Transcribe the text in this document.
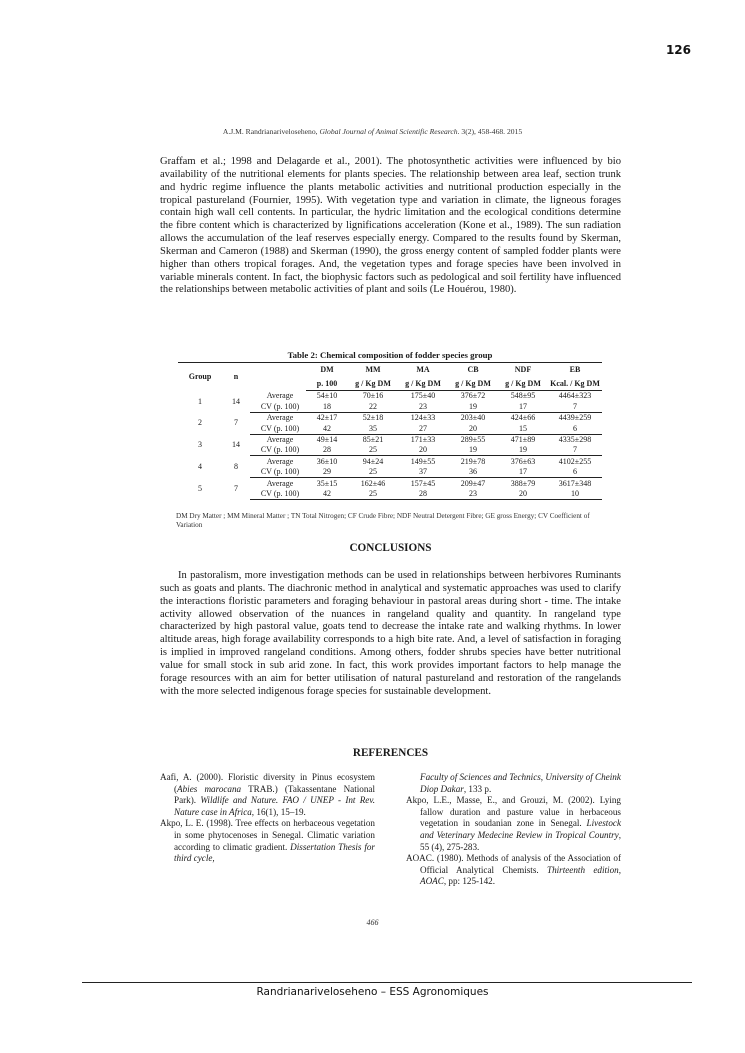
126
A.J.M. Randrianariveloseheno, Global Journal of Animal Scientific Research. 3(2), 458-468. 2015
Graffam et al.; 1998 and Delagarde et al., 2001). The photosynthetic activities were influenced by bio availability of the nutritional elements for plants species. The relationship between area leaf, section trunk and hydric regime influence the plants metabolic activities and nutritional production especially in the tropical pastureland (Fournier, 1995). With vegetation type and variation in climate, the ligneous forages contain high wall cell contents. In particular, the hydric limitation and the ecological conditions determine the fibre content which is characterized by lignifications acceleration (Kone et al., 1989). The sun radiation allows the accumulation of the leaf reserves especially energy. Compared to the results found by Skerman, Skerman and Cameron (1988) and Skerman (1990), the gross energy content of sampled fodder plants were higher than others tropical forages. And, the vegetation types and forage species have been involved in variable minerals content. In fact, the biophysic factors such as pedological and soil fertility have influenced the relationships between metabolic activities of plant and soils (Le Houérou, 1980).
Table 2: Chemical composition of fodder species group
Group	n		DM	MM	MA	CB	NDF	EB
			p. 100	g / Kg DM	g / Kg DM	g / Kg DM	g / Kg DM	Kcal. / Kg DM
1	14	Average	54±10	70±16	175±40	376±72	548±95	4464±323
		CV (p. 100)	18	22	23	19	17	7
2	7	Average	42±17	52±18	124±33	203±40	424±66	4439±259
		CV (p. 100)	42	35	27	20	15	6
3	14	Average	49±14	85±21	171±33	289±55	471±89	4335±298
		CV (p. 100)	28	25	20	19	19	7
4	8	Average	36±10	94±24	149±55	219±78	376±63	4102±255
		CV (p. 100)	29	25	37	36	17	6
5	7	Average	35±15	162±46	157±45	209±47	388±79	3617±348
		CV (p. 100)	42	25	28	23	20	10
DM Dry Matter ; MM Mineral Matter ; TN Total Nitrogen; CF Crude Fibre; NDF Neutral Detergent Fibre; GE gross Energy; CV Coefficient of Variation
CONCLUSIONS
In pastoralism, more investigation methods can be used in relationships between herbivores Ruminants such as goats and plants. The diachronic method in analytical and systematic approaches was used to clarify the interactions floristic parameters and foraging behaviour in pastoral areas during short - time. The intake activity allowed observation of the nuances in rangeland quality and quantity. In rangeland type characterized by high pastoral value, goats tend to decrease the intake rate and walking rhythms. In lower altitude areas, high forage availability corresponds to a high bite rate. And, a level of satisfaction in foraging is implied in improved rangeland conditions. Among others, fodder shrubs species have better nutritional value for small stock in sub arid zone. In fact, this work provides important factors to help manage the forage resources with an aim for better utilisation of natural pastureland and restoration of the rangelands with the more selected indigenous forage species for sustainable development.
REFERENCES
Aafi, A. (2000). Floristic diversity in Pinus ecosystem (Abies marocana TRAB.) (Takassentane National Park). Wildlife and Nature. FAO / UNEP - Int Rev. Nature case in Africa, 16(1), 15–19.
Akpo, L. E. (1998). Tree effects on herbaceous vegetation in some phytocenoses in Senegal. Climatic variation according to climatic gradient. Dissertation Thesis for third cycle,
Faculty of Sciences and Technics, University of Cheink Diop Dakar, 133 p.
Akpo, L.E., Masse, E., and Grouzi, M. (2002). Lying fallow duration and pasture value in herbaceous vegetation in soudanian zone in Senegal. Livestock and Veterinary Medecine Review in Tropical Country, 55 (4), 275-283.
AOAC. (1980). Methods of analysis of the Association of Official Analytical Chemists. Thirteenth edition, AOAC, pp: 125-142.
466
Randrianariveloseheno – ESS Agronomiques
